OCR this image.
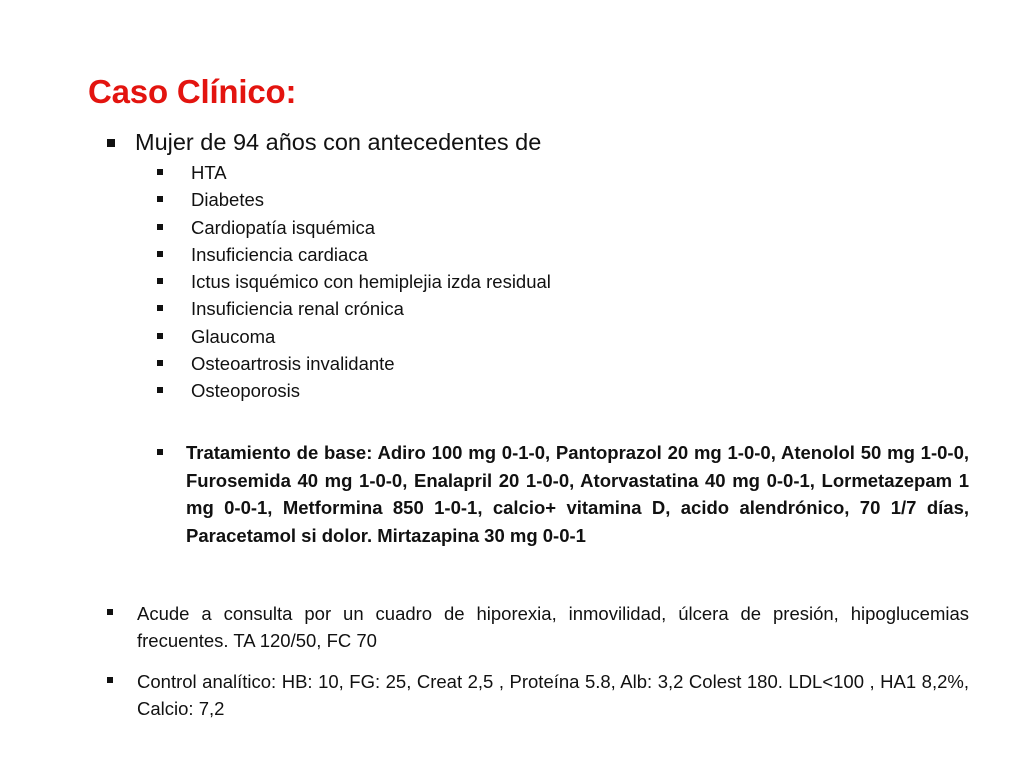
Caso Clínico:
Mujer de 94 años con antecedentes de
HTA
Diabetes
Cardiopatía isquémica
Insuficiencia cardiaca
Ictus isquémico con hemiplejia izda residual
Insuficiencia renal crónica
Glaucoma
Osteoartrosis invalidante
Osteoporosis
Tratamiento de base: Adiro 100 mg 0-1-0, Pantoprazol 20 mg 1-0-0, Atenolol 50 mg 1-0-0, Furosemida 40 mg 1-0-0, Enalapril 20 1-0-0, Atorvastatina 40 mg 0-0-1, Lormetazepam 1 mg 0-0-1, Metformina 850 1-0-1, calcio+ vitamina D, acido alendrónico, 70 1/7 días, Paracetamol si dolor. Mirtazapina 30 mg 0-0-1
Acude a consulta por un cuadro de hiporexia, inmovilidad, úlcera de presión, hipoglucemias frecuentes. TA 120/50, FC 70
Control analítico: HB: 10, FG: 25, Creat 2,5 , Proteína 5.8, Alb: 3,2 Colest 180. LDL<100 , HA1 8,2%, Calcio: 7,2
